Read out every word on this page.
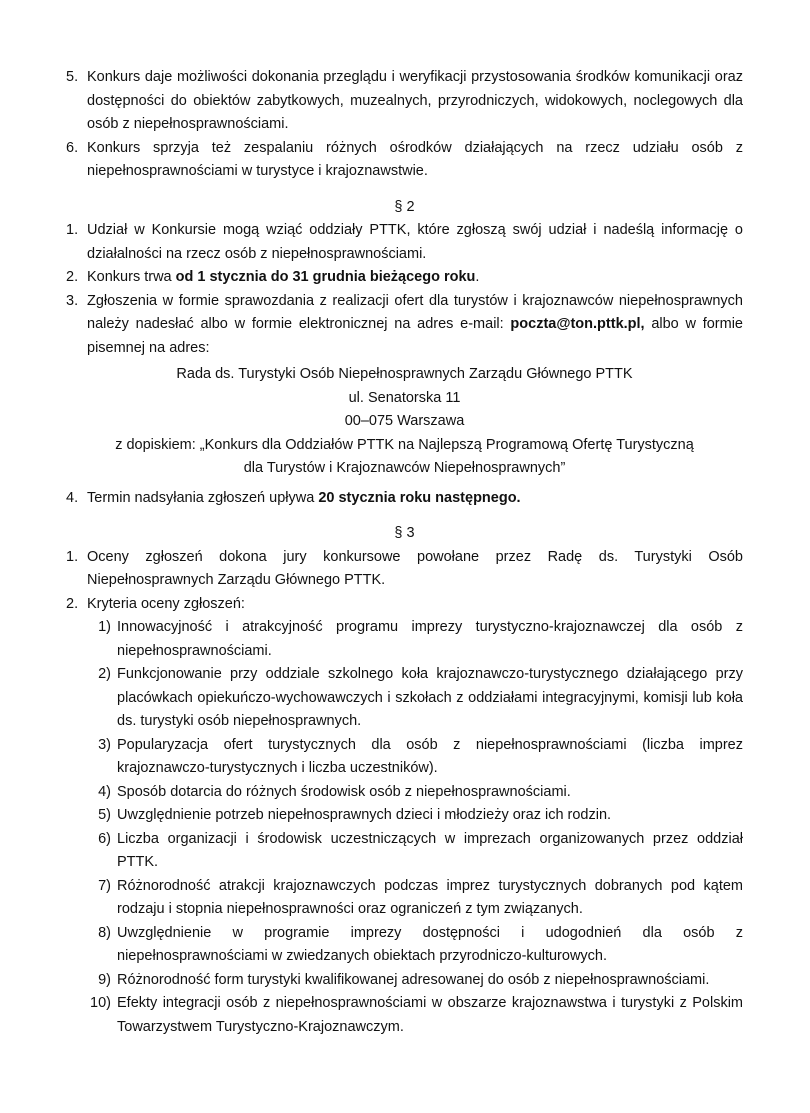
5. Konkurs daje możliwości dokonania przeglądu i weryfikacji przystosowania środków komunikacji oraz dostępności do obiektów zabytkowych, muzealnych, przyrodniczych, widokowych, noclegowych dla osób z niepełnosprawnościami.
6. Konkurs sprzyja też zespalaniu różnych ośrodków działających na rzecz udziału osób z niepełnosprawnościami w turystyce i krajoznawstwie.
§ 2
1. Udział w Konkursie mogą wziąć oddziały PTTK, które zgłoszą swój udział i nadeślą informację o działalności na rzecz osób z niepełnosprawnościami.
2. Konkurs trwa od 1 stycznia do 31 grudnia bieżącego roku.
3. Zgłoszenia w formie sprawozdania z realizacji ofert dla turystów i krajoznawców niepełnosprawnych należy nadesłać albo w formie elektronicznej na adres e-mail: poczta@ton.pttk.pl, albo w formie pisemnej na adres:
Rada ds. Turystyki Osób Niepełnosprawnych Zarządu Głównego PTTK
ul. Senatorska 11
00–075 Warszawa
z dopiskiem: „Konkurs dla Oddziałów PTTK na Najlepszą Programową Ofertę Turystyczną
dla Turystów i Krajoznawców Niepełnosprawnych”
4. Termin nadsyłania zgłoszeń upływa 20 stycznia roku następnego.
§ 3
1. Oceny zgłoszeń dokona jury konkursowe powołane przez Radę ds. Turystyki Osób Niepełnosprawnych Zarządu Głównego PTTK.
2. Kryteria oceny zgłoszeń:
1) Innowacyjność i atrakcyjność programu imprezy turystyczno-krajoznawczej dla osób z niepełnosprawnościami.
2) Funkcjonowanie przy oddziale szkolnego koła krajoznawczo-turystycznego działającego przy placówkach opiekuńczo-wychowawczych i szkołach z oddziałami integracyjnymi, komisji lub koła ds. turystyki osób niepełnosprawnych.
3) Popularyzacja ofert turystycznych dla osób z niepełnosprawnościami (liczba imprez krajoznawczo-turystycznych i liczba uczestników).
4) Sposób dotarcia do różnych środowisk osób z niepełnosprawnościami.
5) Uwzględnienie potrzeb niepełnosprawnych dzieci i młodzieży oraz ich rodzin.
6) Liczba organizacji i środowisk uczestniczących w imprezach organizowanych przez oddział PTTK.
7) Różnorodność atrakcji krajoznawczych podczas imprez turystycznych dobranych pod kątem rodzaju i stopnia niepełnosprawności oraz ograniczeń z tym związanych.
8) Uwzględnienie w programie imprezy dostępności i udogodnień dla osób z niepełnosprawnościami w zwiedzanych obiektach przyrodniczo-kulturowych.
9) Różnorodność form turystyki kwalifikowanej adresowanej do osób z niepełnosprawnościami.
10) Efekty integracji osób z niepełnosprawnościami w obszarze krajoznawstwa i turystyki z Polskim Towarzystwem Turystyczno-Krajoznawczym.
